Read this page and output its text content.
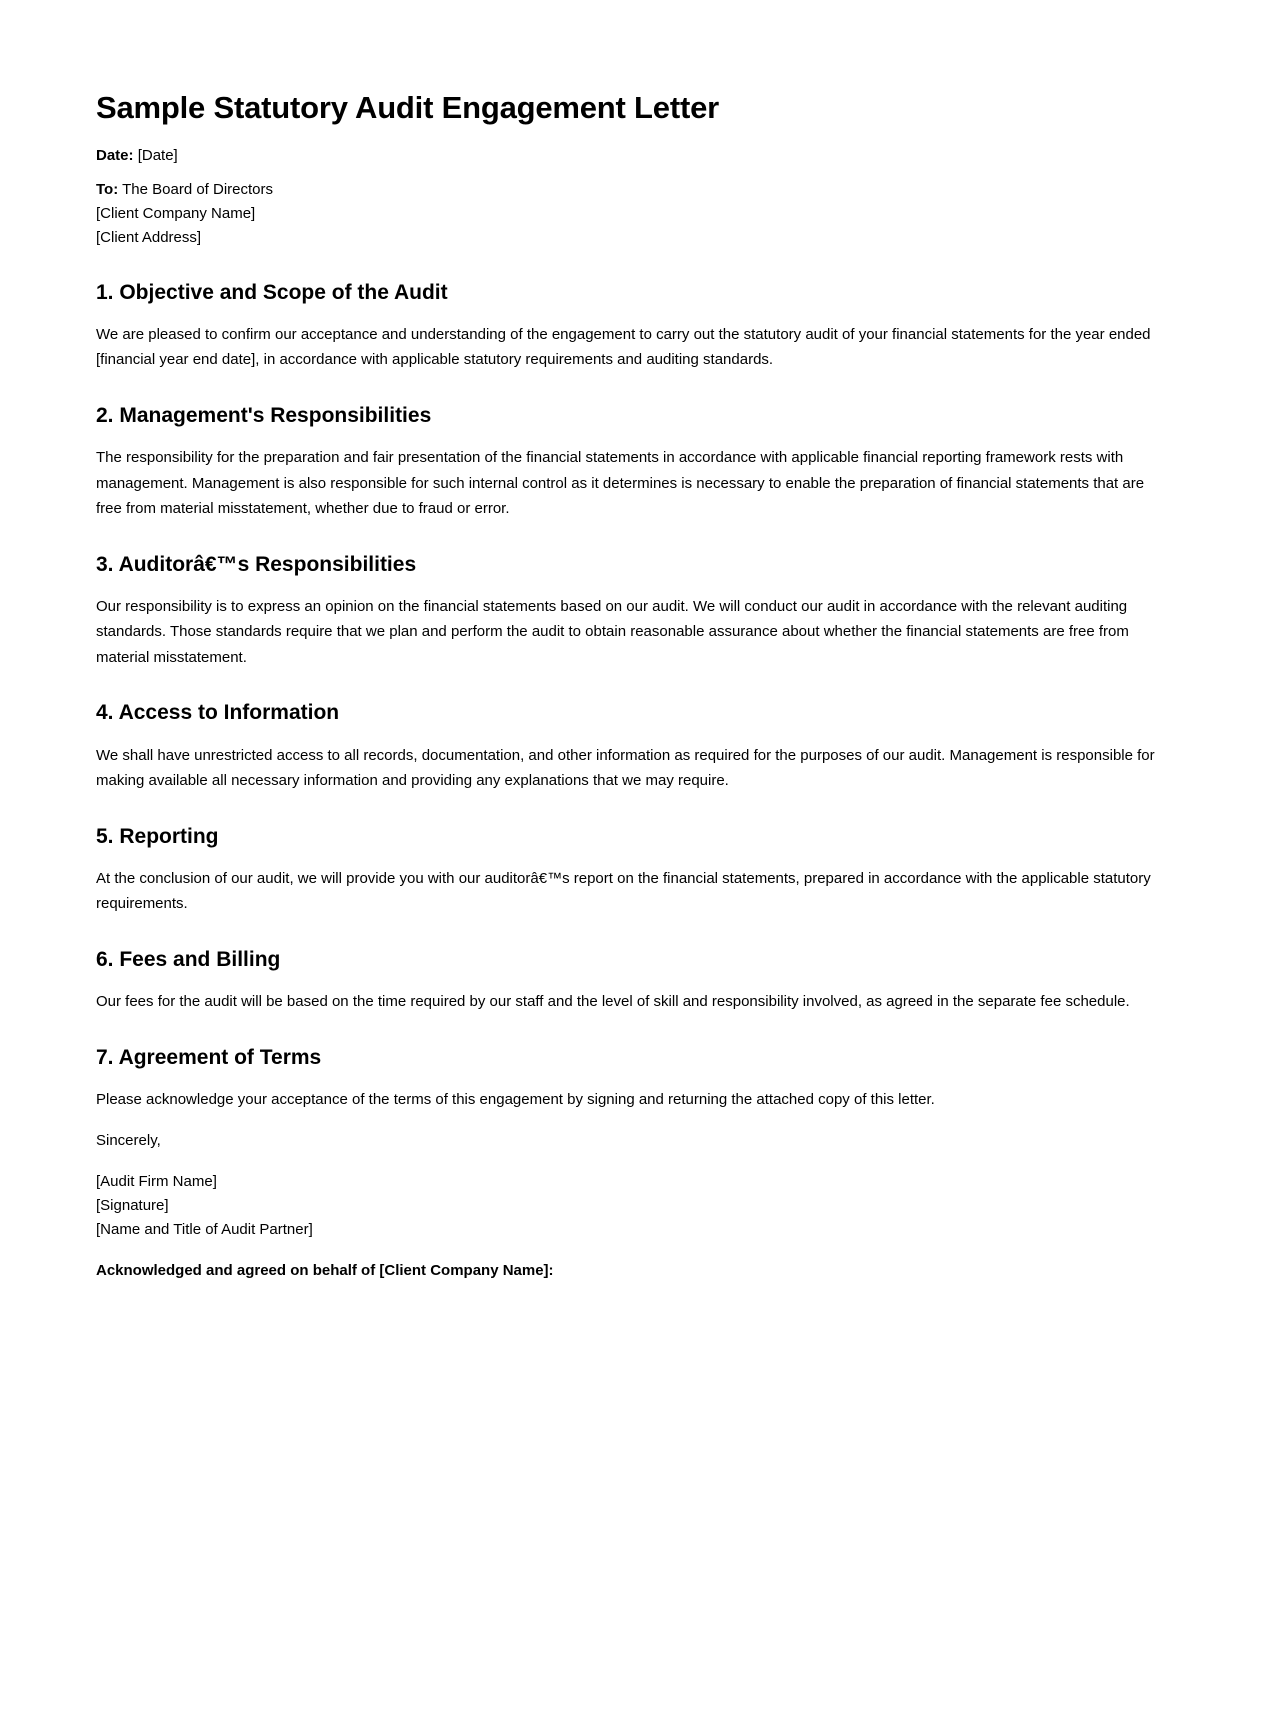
Sample Statutory Audit Engagement Letter

Date: [Date]

To: The Board of Directors
[Client Company Name]
[Client Address]

1. Objective and Scope of the Audit

We are pleased to confirm our acceptance and understanding of the engagement to carry out the statutory audit of your financial statements for the year ended [financial year end date], in accordance with applicable statutory requirements and auditing standards.

2. Management's Responsibilities

The responsibility for the preparation and fair presentation of the financial statements in accordance with applicable financial reporting framework rests with management. Management is also responsible for such internal control as it determines is necessary to enable the preparation of financial statements that are free from material misstatement, whether due to fraud or error.

3. Auditorâ€™s Responsibilities

Our responsibility is to express an opinion on the financial statements based on our audit. We will conduct our audit in accordance with the relevant auditing standards. Those standards require that we plan and perform the audit to obtain reasonable assurance about whether the financial statements are free from material misstatement.

4. Access to Information

We shall have unrestricted access to all records, documentation, and other information as required for the purposes of our audit. Management is responsible for making available all necessary information and providing any explanations that we may require.

5. Reporting

At the conclusion of our audit, we will provide you with our auditorâ€™s report on the financial statements, prepared in accordance with the applicable statutory requirements.

6. Fees and Billing

Our fees for the audit will be based on the time required by our staff and the level of skill and responsibility involved, as agreed in the separate fee schedule.

7. Agreement of Terms

Please acknowledge your acceptance of the terms of this engagement by signing and returning the attached copy of this letter.

Sincerely,

[Audit Firm Name]
[Signature]
[Name and Title of Audit Partner]

Acknowledged and agreed on behalf of [Client Company Name]:
